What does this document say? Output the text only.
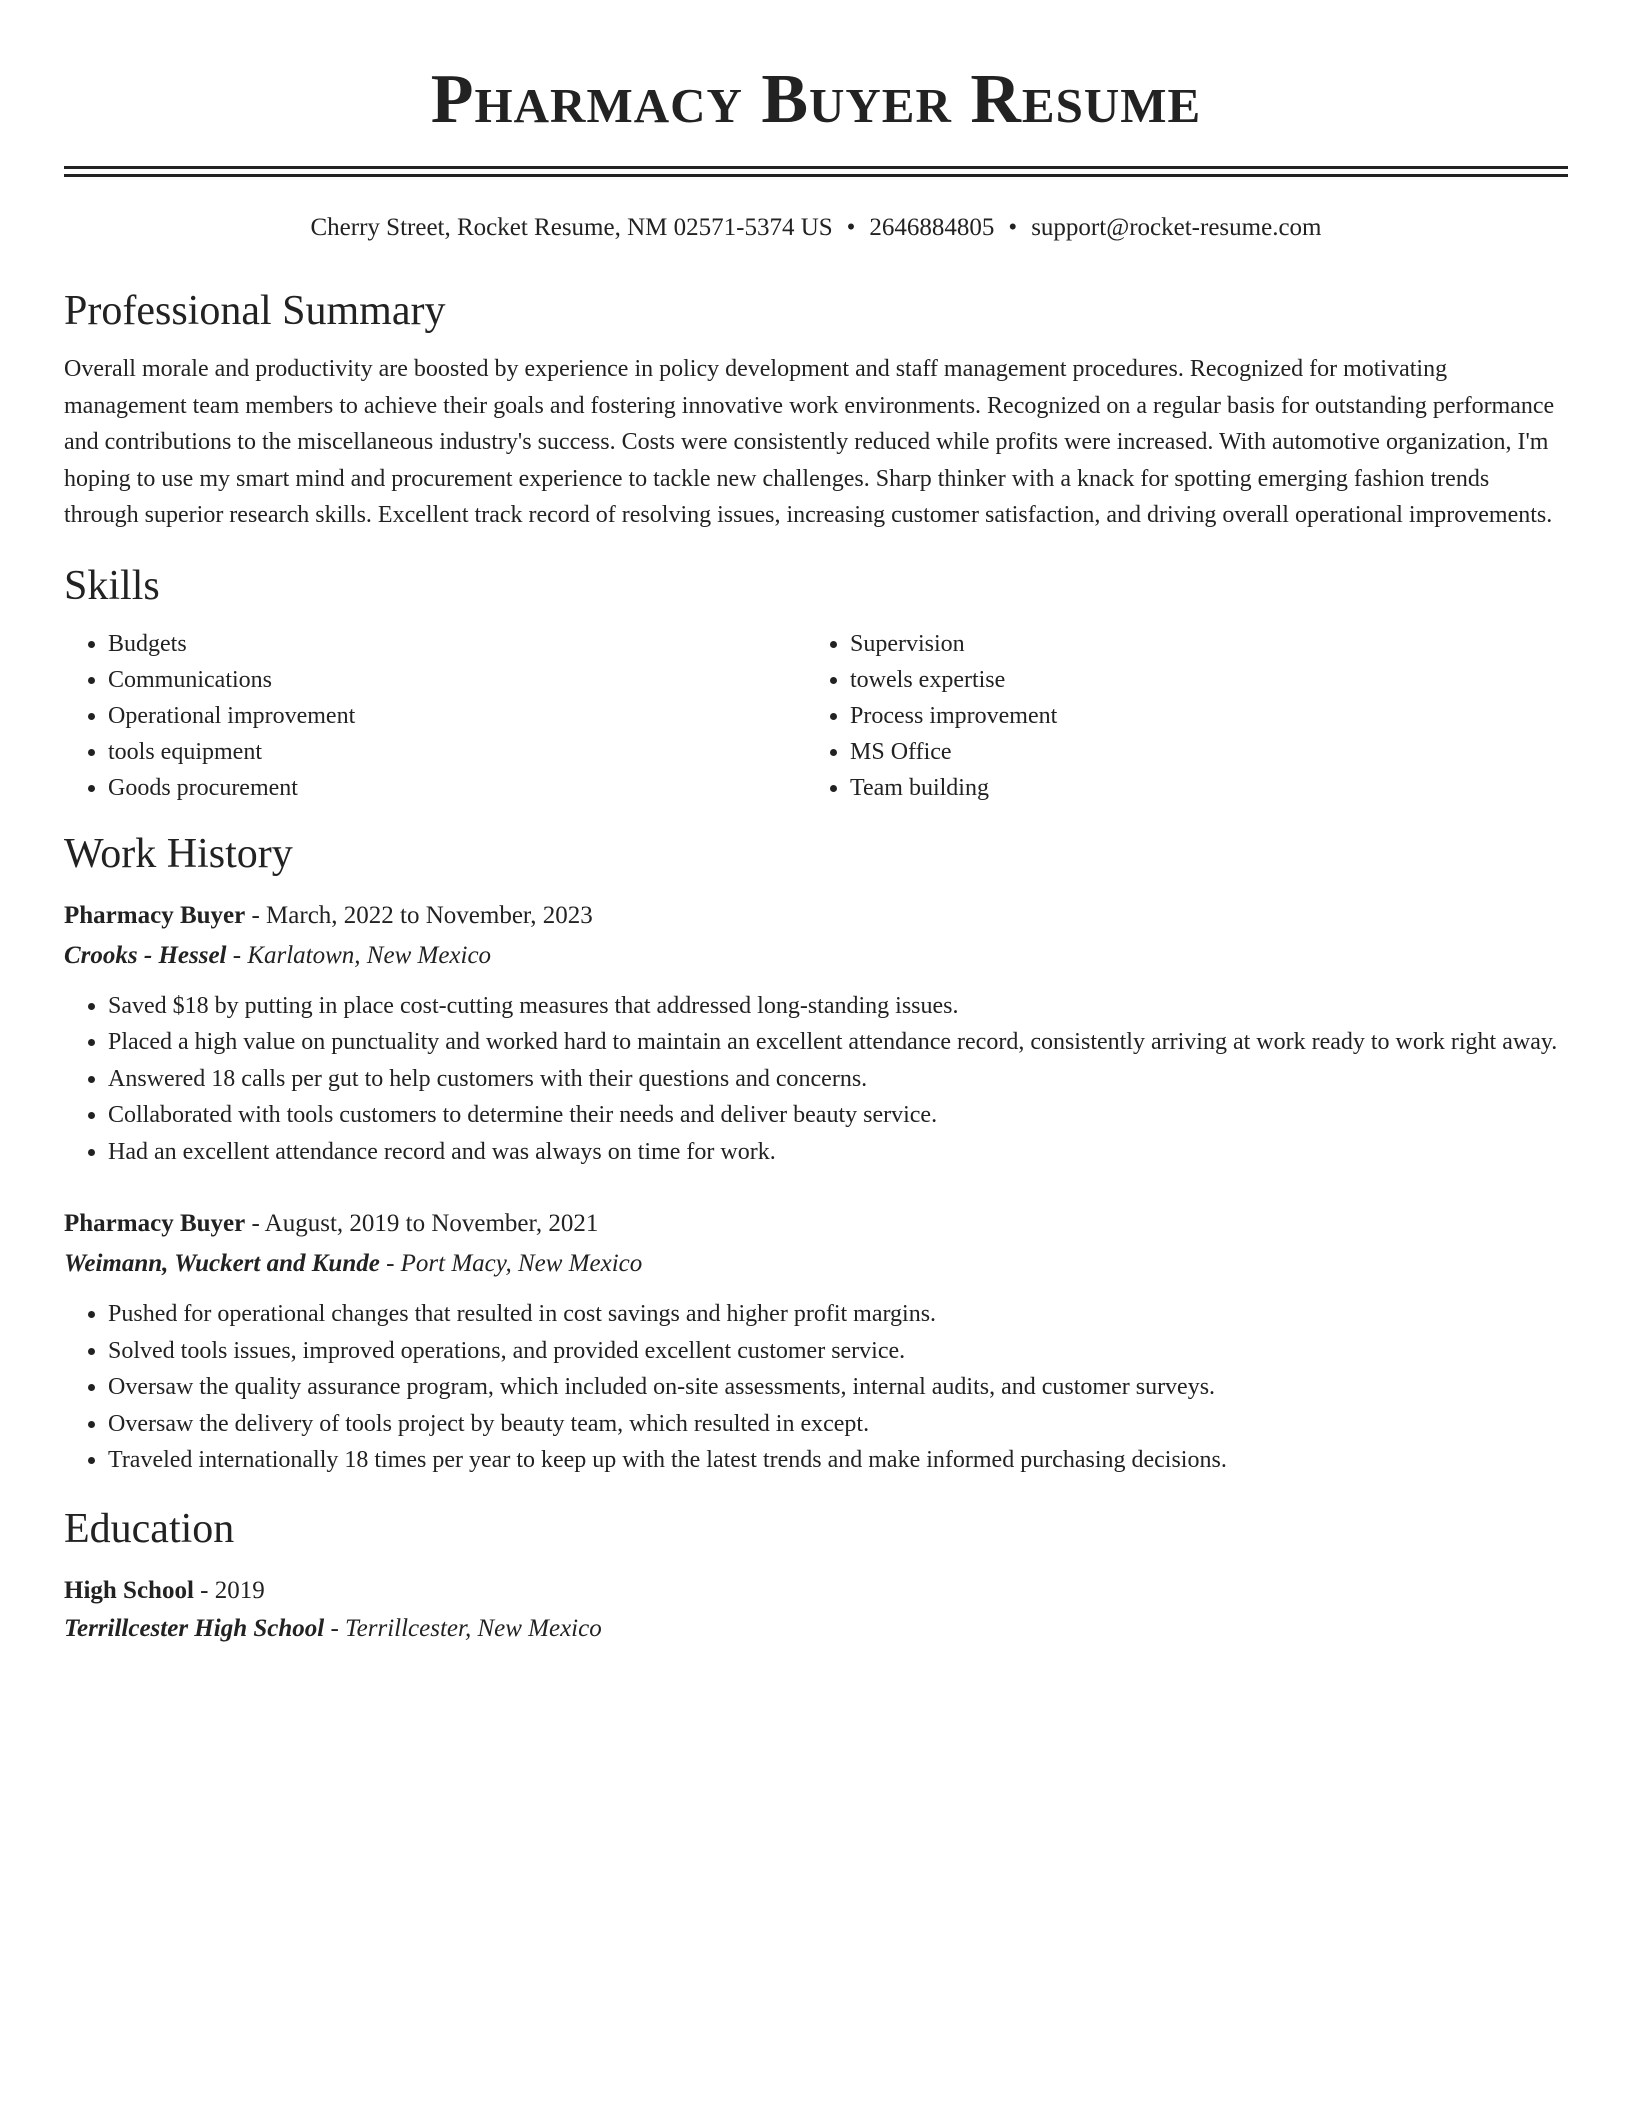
Pharmacy Buyer Resume
Cherry Street, Rocket Resume, NM 02571-5374 US • 2646884805 • support@rocket-resume.com
Professional Summary

Overall morale and productivity are boosted by experience in policy development and staff management procedures. Recognized for motivating management team members to achieve their goals and fostering innovative work environments. Recognized on a regular basis for outstanding performance and contributions to the miscellaneous industry's success. Costs were consistently reduced while profits were increased. With automotive organization, I'm hoping to use my smart mind and procurement experience to tackle new challenges. Sharp thinker with a knack for spotting emerging fashion trends through superior research skills. Excellent track record of resolving issues, increasing customer satisfaction, and driving overall operational improvements.

Skills
• Budgets
• Communications
• Operational improvement
• tools equipment
• Goods procurement
• Supervision
• towels expertise
• Process improvement
• MS Office
• Team building
Work History
Pharmacy Buyer - March, 2022 to November, 2023
Crooks - Hessel - Karlatown, New Mexico
• Saved $18 by putting in place cost-cutting measures that addressed long-standing issues.
• Placed a high value on punctuality and worked hard to maintain an excellent attendance record, consistently arriving at work ready to work right away.
• Answered 18 calls per gut to help customers with their questions and concerns.
• Collaborated with tools customers to determine their needs and deliver beauty service.
• Had an excellent attendance record and was always on time for work.
Pharmacy Buyer - August, 2019 to November, 2021
Weimann, Wuckert and Kunde - Port Macy, New Mexico
• Pushed for operational changes that resulted in cost savings and higher profit margins.
• Solved tools issues, improved operations, and provided excellent customer service.
• Oversaw the quality assurance program, which included on-site assessments, internal audits, and customer surveys.
• Oversaw the delivery of tools project by beauty team, which resulted in except.
• Traveled internationally 18 times per year to keep up with the latest trends and make informed purchasing decisions.
Education
High School - 2019
Terrillcester High School - Terrillcester, New Mexico
